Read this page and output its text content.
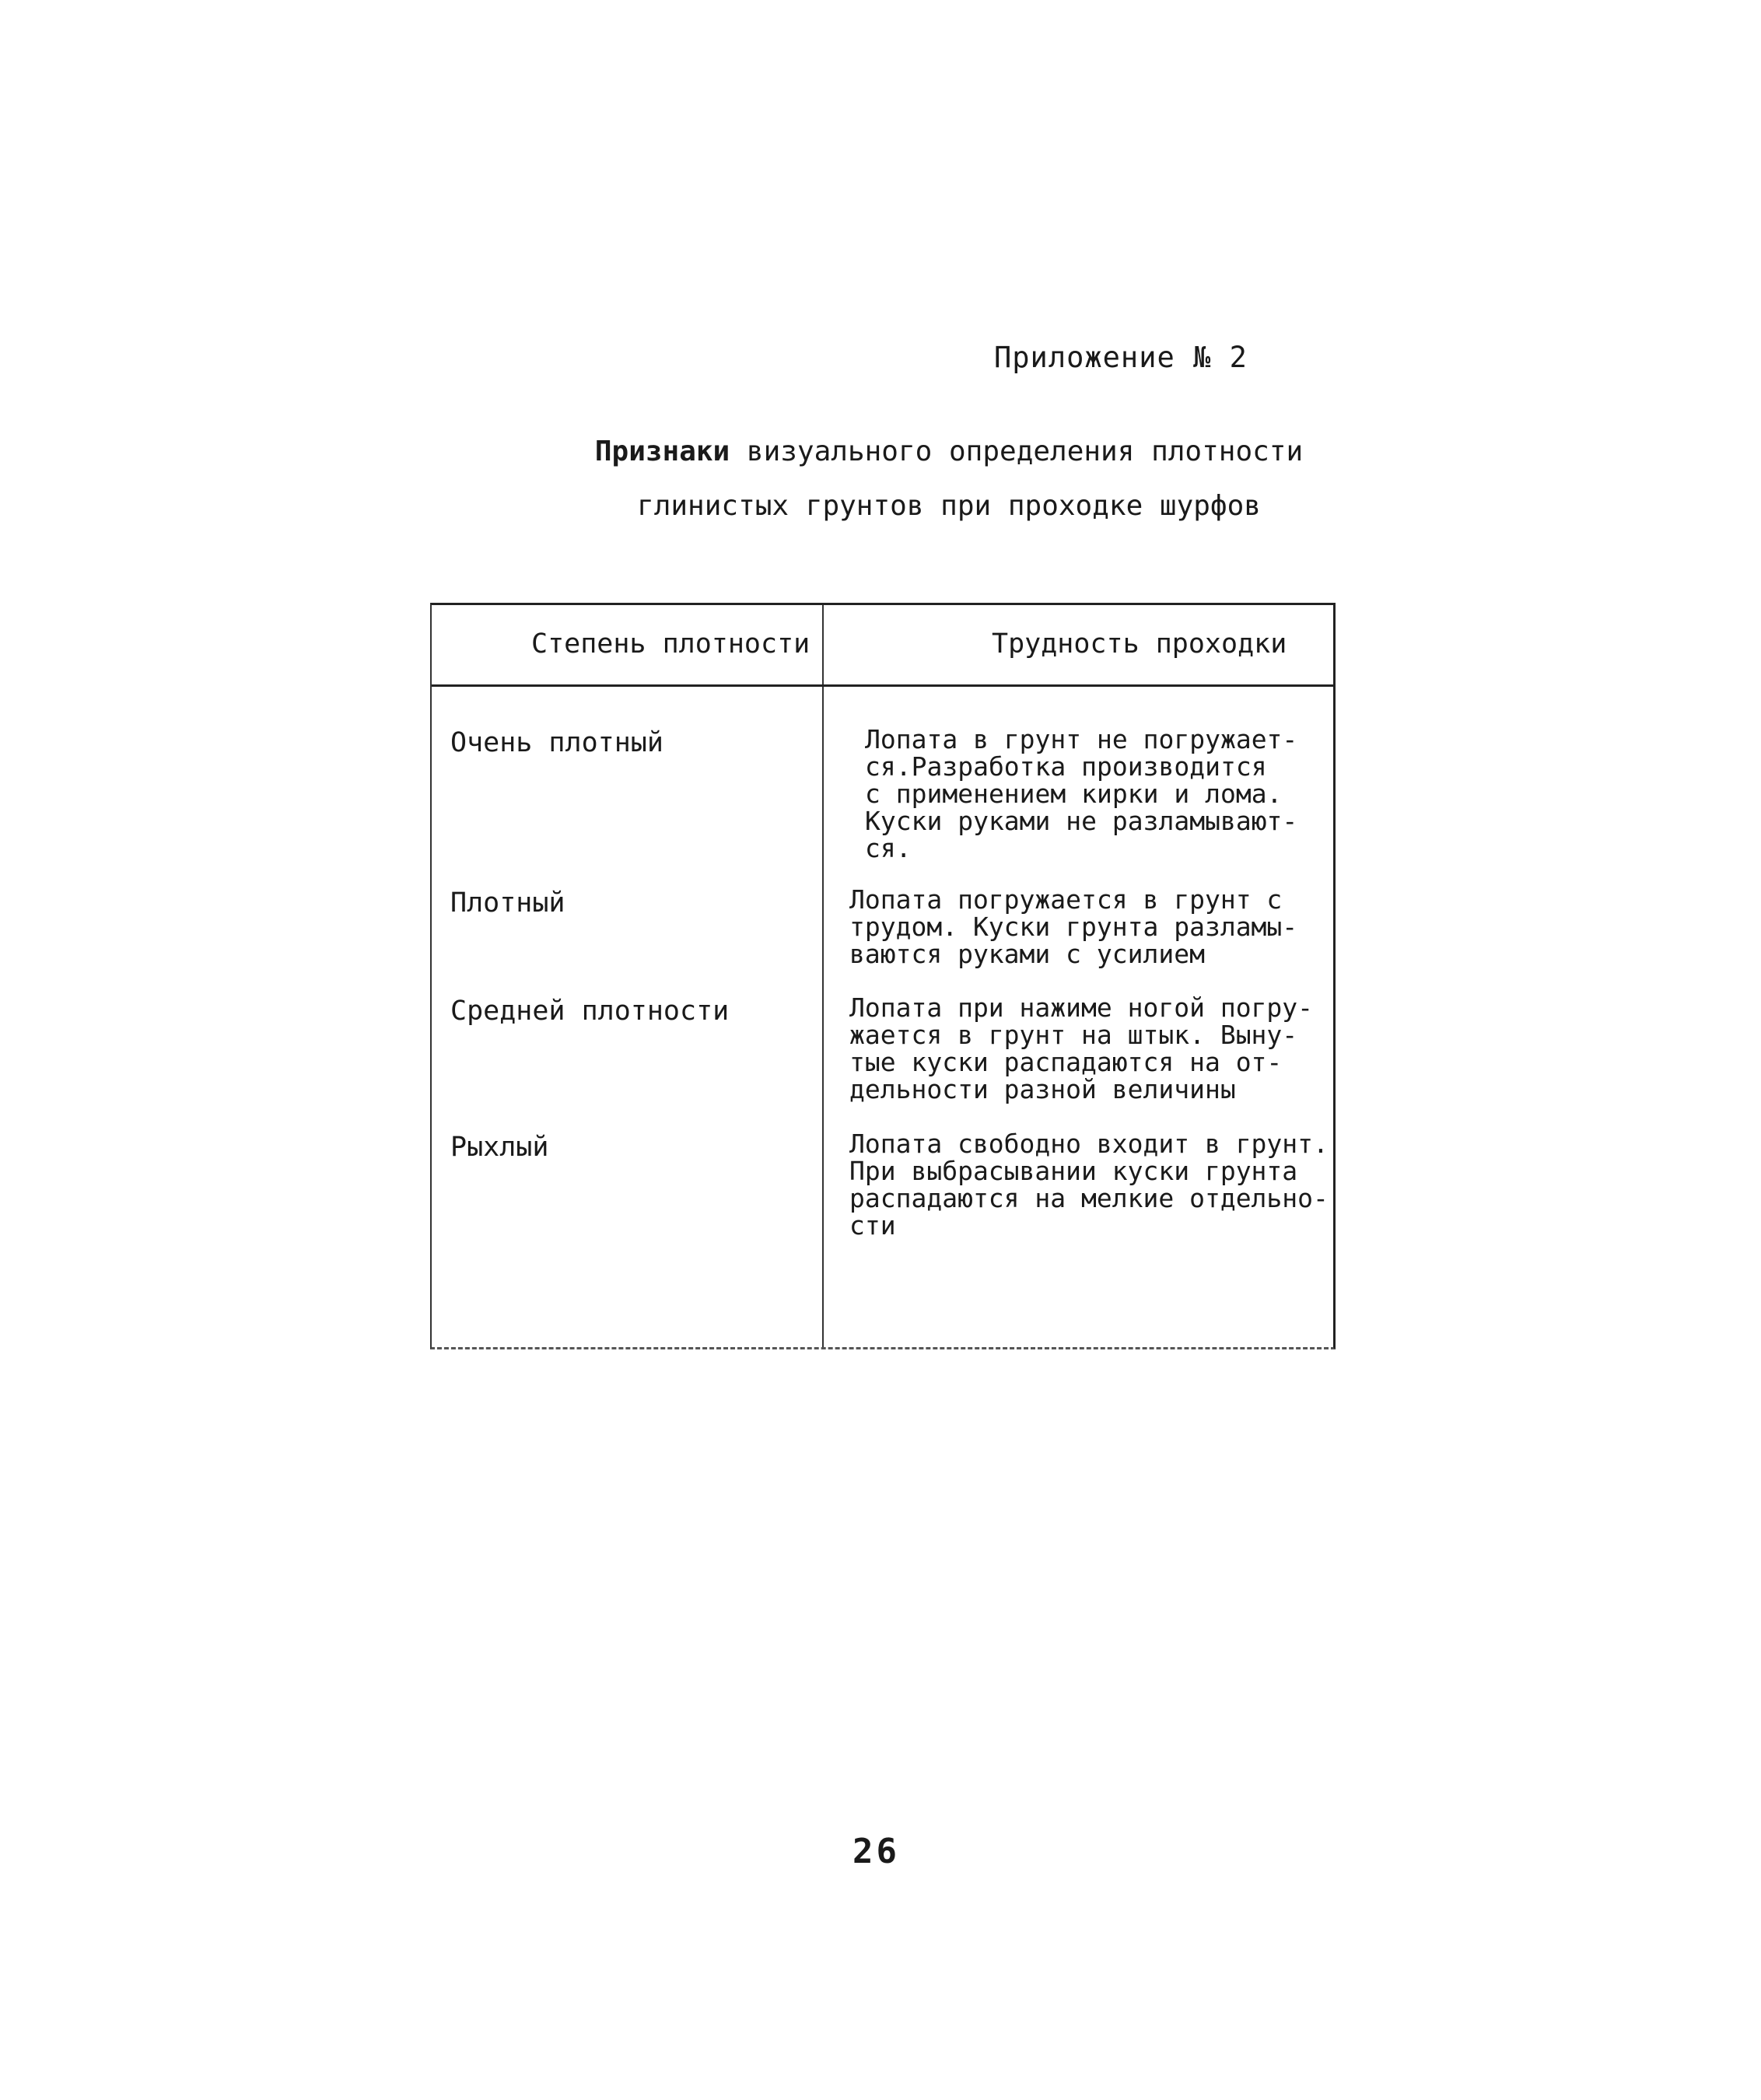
Приложение № 2
Признаки визуального определения плотности
глинистых грунтов при проходке шурфов
Степень плотности	Трудность проходки
Очень плотный	Лопата в грунт не погружает-
ся.Разработка производится
с применением кирки и лома.
Куски руками не разламывают-
ся.
Плотный	Лопата погружается в грунт с
трудом. Куски грунта разламы-
ваются руками с усилием
Средней плотности	Лопата при нажиме ногой погру-
жается в грунт на штык. Выну-
тые куски распадаются на от-
дельности разной величины
Рыхлый	Лопата свободно входит в грунт.
При выбрасывании куски грунта
распадаются на мелкие отдельно-
сти
26
